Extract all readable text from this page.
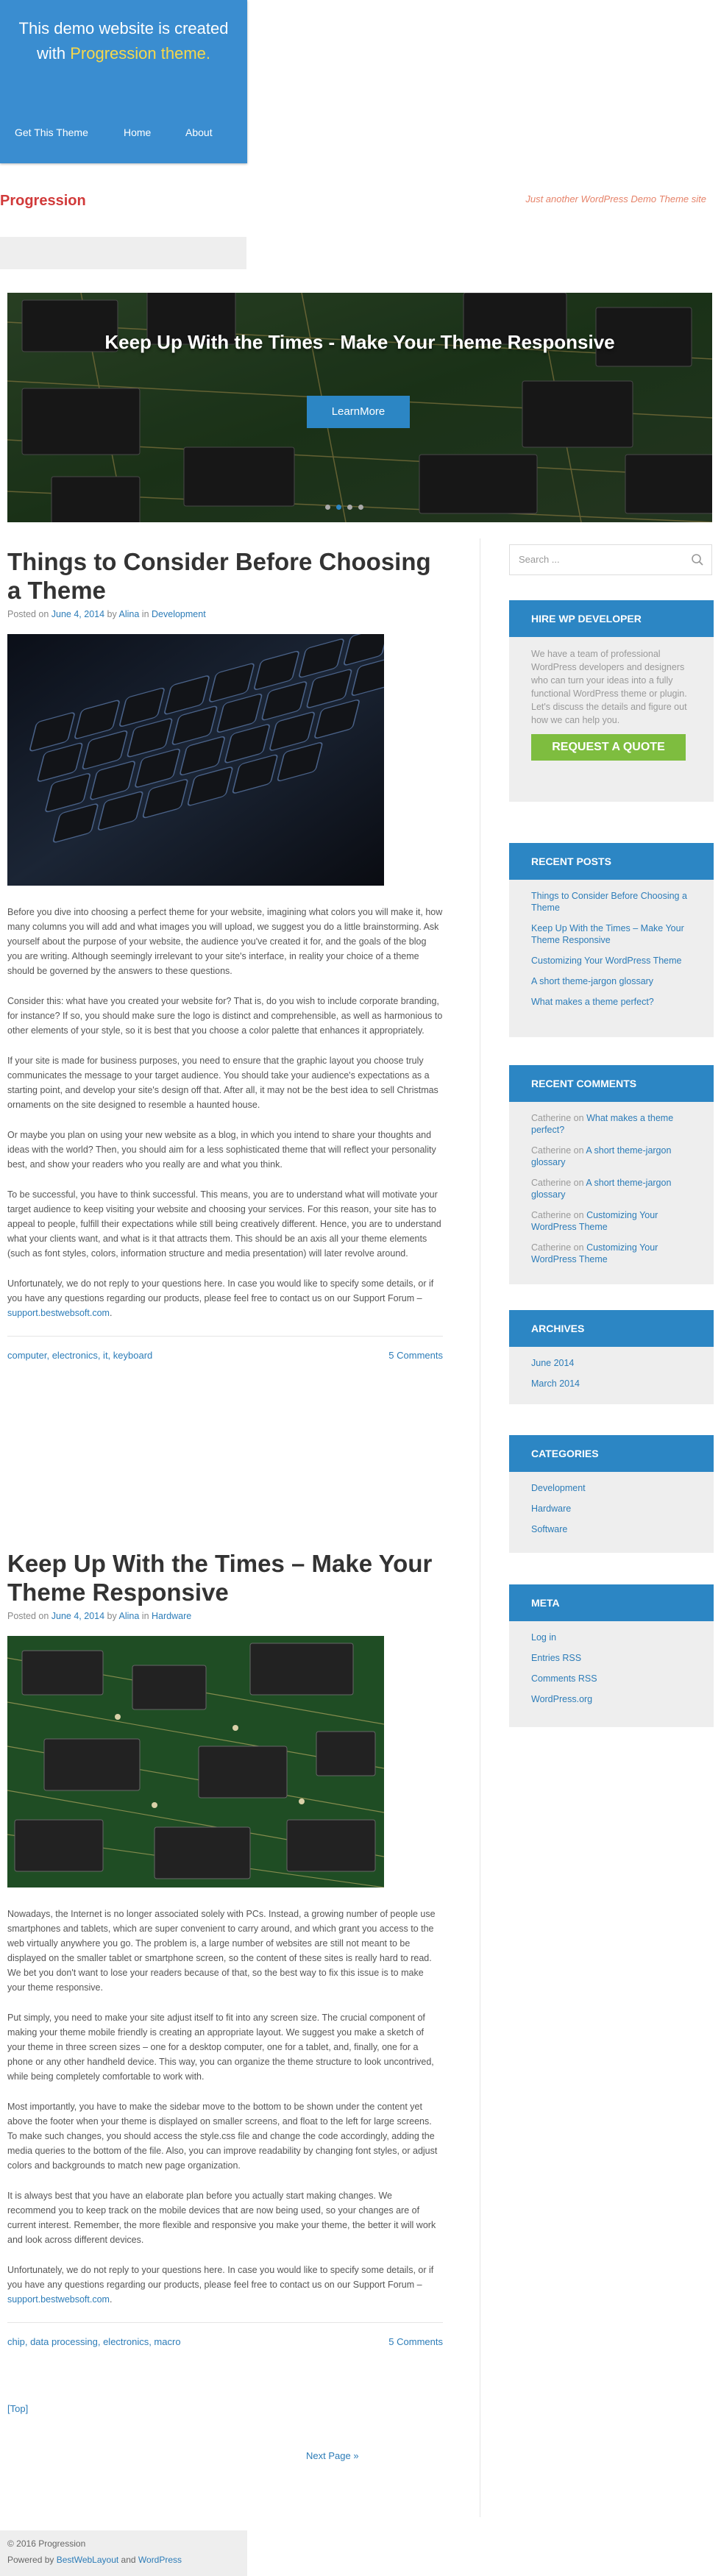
This demo website is created
with Progression theme.
Get This Theme	Home	About
Progression	Just another WordPress Demo Theme site
Keep Up With the Times - Make Your Theme Responsive
LearnMore
Things to Consider Before Choosing a Theme
Posted on June 4, 2014 by Alina in Development

Before you dive into choosing a perfect theme for your website, imagining what colors you will make it, how many columns you will add and what images you will upload, we suggest you do a little brainstorming. Ask yourself about the purpose of your website, the audience you've created it for, and the goals of the blog you are writing. Although seemingly irrelevant to your site's interface, in reality your choice of a theme should be governed by the answers to these questions.

Consider this: what have you created your website for? That is, do you wish to include corporate branding, for instance? If so, you should make sure the logo is distinct and comprehensible, as well as harmonious to other elements of your style, so it is best that you choose a color palette that enhances it appropriately.

If your site is made for business purposes, you need to ensure that the graphic layout you choose truly communicates the message to your target audience. You should take your audience's expectations as a starting point, and develop your site's design off that. After all, it may not be the best idea to sell Christmas ornaments on the site designed to resemble a haunted house.

Or maybe you plan on using your new website as a blog, in which you intend to share your thoughts and ideas with the world? Then, you should aim for a less sophisticated theme that will reflect your personality best, and show your readers who you really are and what you think.

To be successful, you have to think successful. This means, you are to understand what will motivate your target audience to keep visiting your website and choosing your services. For this reason, your site has to appeal to people, fulfill their expectations while still being creatively different. Hence, you are to understand what your clients want, and what is it that attracts them. This should be an axis all your theme elements (such as font styles, colors, information structure and media presentation) will later revolve around.

Unfortunately, we do not reply to your questions here. In case you would like to specify some details, or if you have any questions regarding our products, please feel free to contact us on our Support Forum – support.bestwebsoft.com.

computer, electronics, it, keyboard	5 Comments
Keep Up With the Times – Make Your Theme Responsive
Posted on June 4, 2014 by Alina in Hardware

Nowadays, the Internet is no longer associated solely with PCs. Instead, a growing number of people use smartphones and tablets, which are super convenient to carry around, and which grant you access to the web virtually anywhere you go. The problem is, a large number of websites are still not meant to be displayed on the smaller tablet or smartphone screen, so the content of these sites is really hard to read. We bet you don't want to lose your readers because of that, so the best way to fix this issue is to make your theme responsive.

Put simply, you need to make your site adjust itself to fit into any screen size. The crucial component of making your theme mobile friendly is creating an appropriate layout. We suggest you make a sketch of your theme in three screen sizes – one for a desktop computer, one for a tablet, and, finally, one for a phone or any other handheld device. This way, you can organize the theme structure to look uncontrived, while being completely comfortable to work with.

Most importantly, you have to make the sidebar move to the bottom to be shown under the content yet above the footer when your theme is displayed on smaller screens, and float to the left for large screens. To make such changes, you should access the style.css file and change the code accordingly, adding the media queries to the bottom of the file. Also, you can improve readability by changing font styles, or adjust colors and backgrounds to match new page organization.

It is always best that you have an elaborate plan before you actually start making changes. We recommend you to keep track on the mobile devices that are now being used, so your changes are of current interest. Remember, the more flexible and responsive you make your theme, the better it will work and look across different devices.

Unfortunately, we do not reply to your questions here. In case you would like to specify some details, or if you have any questions regarding our products, please feel free to contact us on our Support Forum – support.bestwebsoft.com.

chip, data processing, electronics, macro	5 Comments
[Top]
Next Page »
Search ...
HIRE WP DEVELOPER
We have a team of professional WordPress developers and designers who can turn your ideas into a fully functional WordPress theme or plugin. Let's discuss the details and figure out how we can help you.
REQUEST A QUOTE
RECENT POSTS
Things to Consider Before Choosing a Theme
Keep Up With the Times – Make Your Theme Responsive
Customizing Your WordPress Theme
A short theme-jargon glossary
What makes a theme perfect?
RECENT COMMENTS
Catherine on What makes a theme perfect?
Catherine on A short theme-jargon glossary
Catherine on A short theme-jargon glossary
Catherine on Customizing Your WordPress Theme
Catherine on Customizing Your WordPress Theme
ARCHIVES
June 2014
March 2014
CATEGORIES
Development
Hardware
Software
META
Log in
Entries RSS
Comments RSS
WordPress.org
© 2016 Progression
Powered by BestWebLayout and WordPress
